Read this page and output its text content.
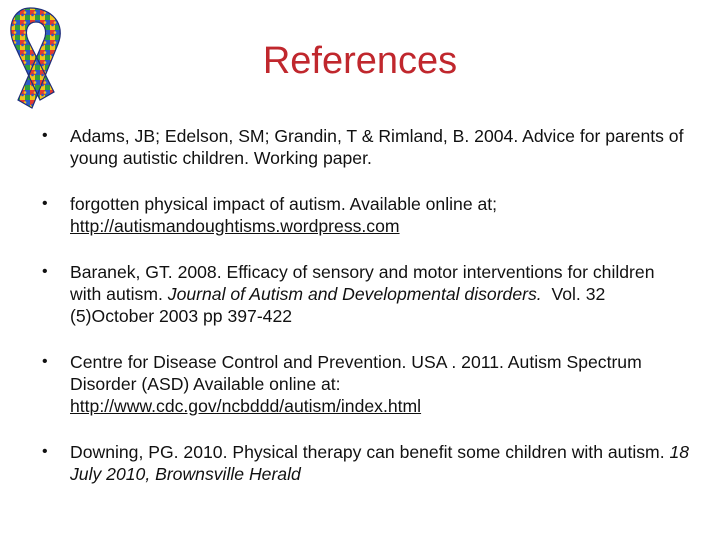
References
• Adams, JB; Edelson, SM; Grandin, T & Rimland, B. 2004. Advice for parents of young autistic children. Working paper.
• forgotten physical impact of autism. Available online at; http://autismandoughtisms.wordpress.com
• Baranek, GT. 2008. Efficacy of sensory and motor interventions for children with autism. Journal of Autism and Developmental disorders.  Vol. 32 (5)October 2003 pp 397-422
• Centre for Disease Control and Prevention. USA . 2011. Autism Spectrum Disorder (ASD) Available online at: http://www.cdc.gov/ncbddd/autism/index.html
• Downing, PG. 2010. Physical therapy can benefit some children with autism. 18 July 2010, Brownsville Herald
